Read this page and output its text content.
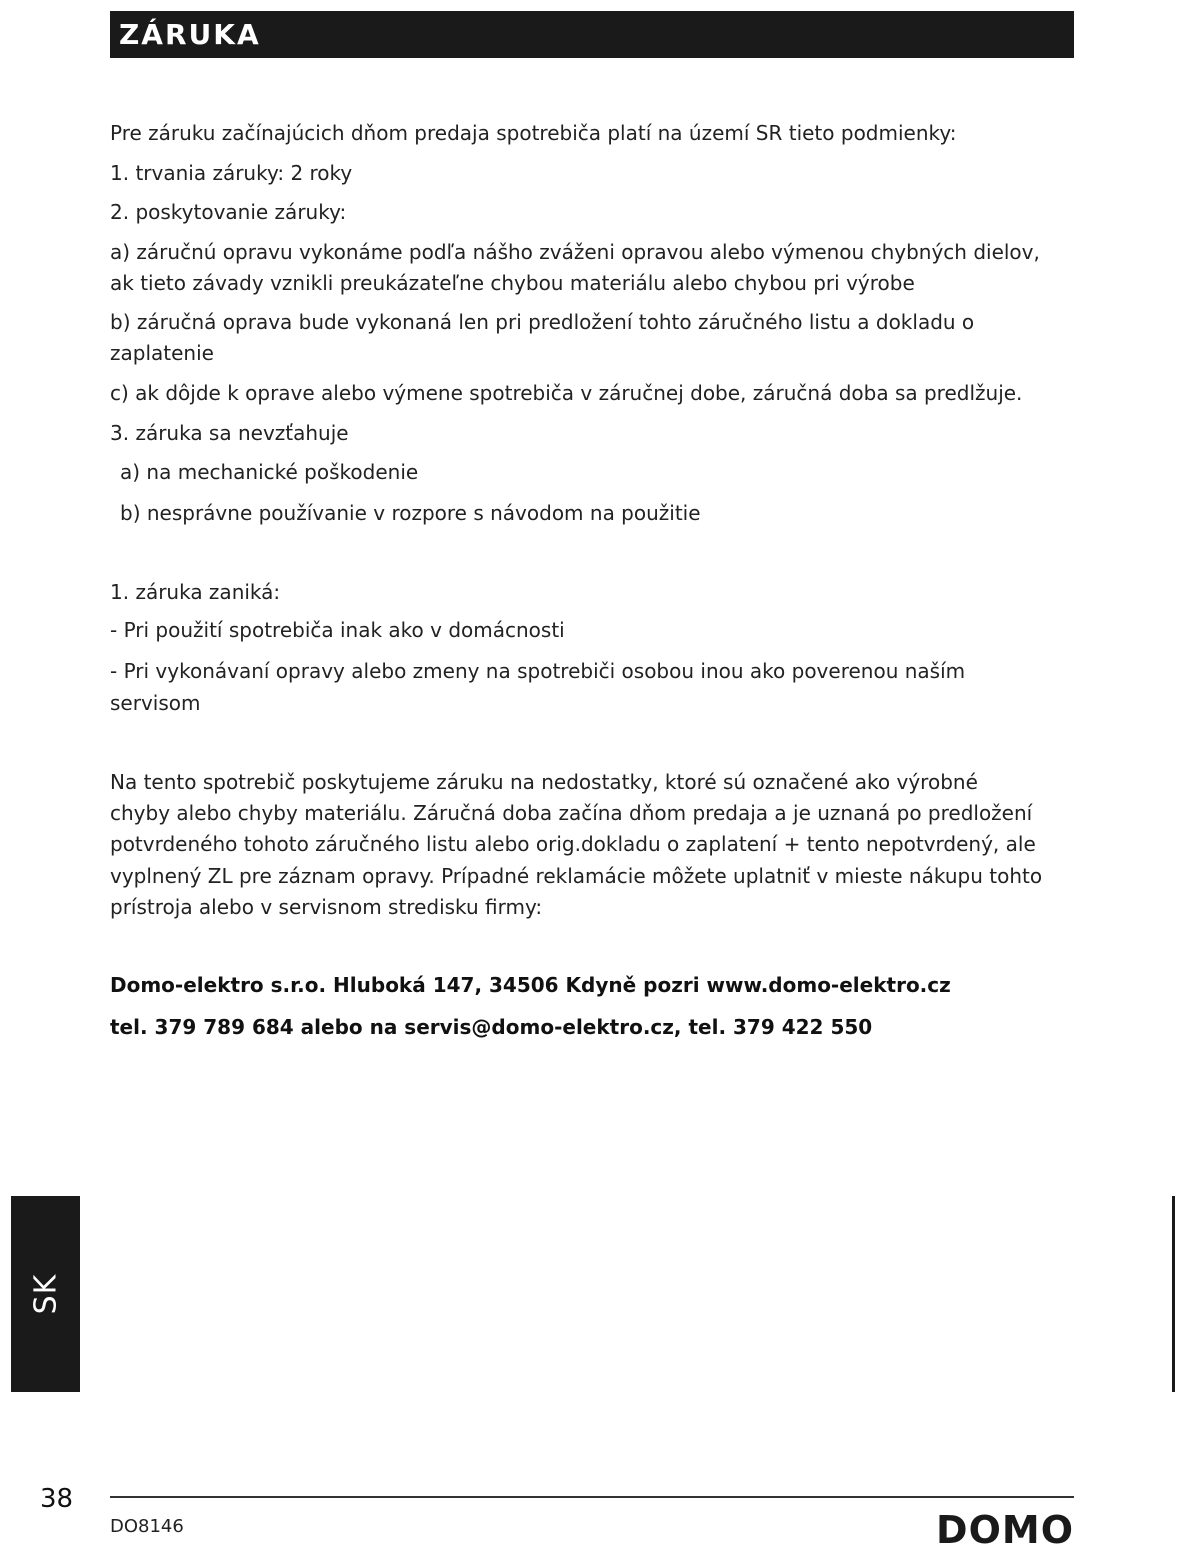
ZÁRUKA

Pre záruku začínajúcich dňom predaja spotrebiča platí na území SR tieto podmienky:

1. trvania záruky: 2 roky

2. poskytovanie záruky:

a) záručnú opravu vykonáme podľa nášho zváženi opravou alebo výmenou chybných dielov,

ak tieto závady vznikli preukázateľne chybou materiálu alebo chybou pri výrobe

b) záručná oprava bude vykonaná len pri predložení tohto záručného listu a dokladu o

zaplatenie

c) ak dôjde k oprave alebo výmene spotrebiča v záručnej dobe, záručná doba sa predlžuje.

3. záruka sa nevzťahuje

a) na mechanické poškodenie

b) nesprávne používanie v rozpore s návodom na použitie

1. záruka zaniká:

- Pri použití spotrebiča inak ako v domácnosti

- Pri vykonávaní opravy alebo zmeny na spotrebiči osobou inou ako poverenou naším

servisom

Na tento spotrebič poskytujeme záruku na nedostatky, ktoré sú označené ako výrobné

chyby alebo chyby materiálu. Záručná doba začína dňom predaja a je uznaná po predložení

potvrdeného tohoto záručného listu alebo orig.dokladu o zaplatení + tento nepotvrdený, ale

vyplnený ZL pre záznam opravy. Prípadné reklamácie môžete uplatniť v mieste nákupu tohto

prístroja alebo v servisnom stredisku firmy:

Domo-elektro s.r.o. Hluboká 147, 34506 Kdyně pozri www.domo-elektro.cz

tel. 379 789 684 alebo na servis@domo-elektro.cz, tel. 379 422 550

SK
38
DO8146	DOMO
